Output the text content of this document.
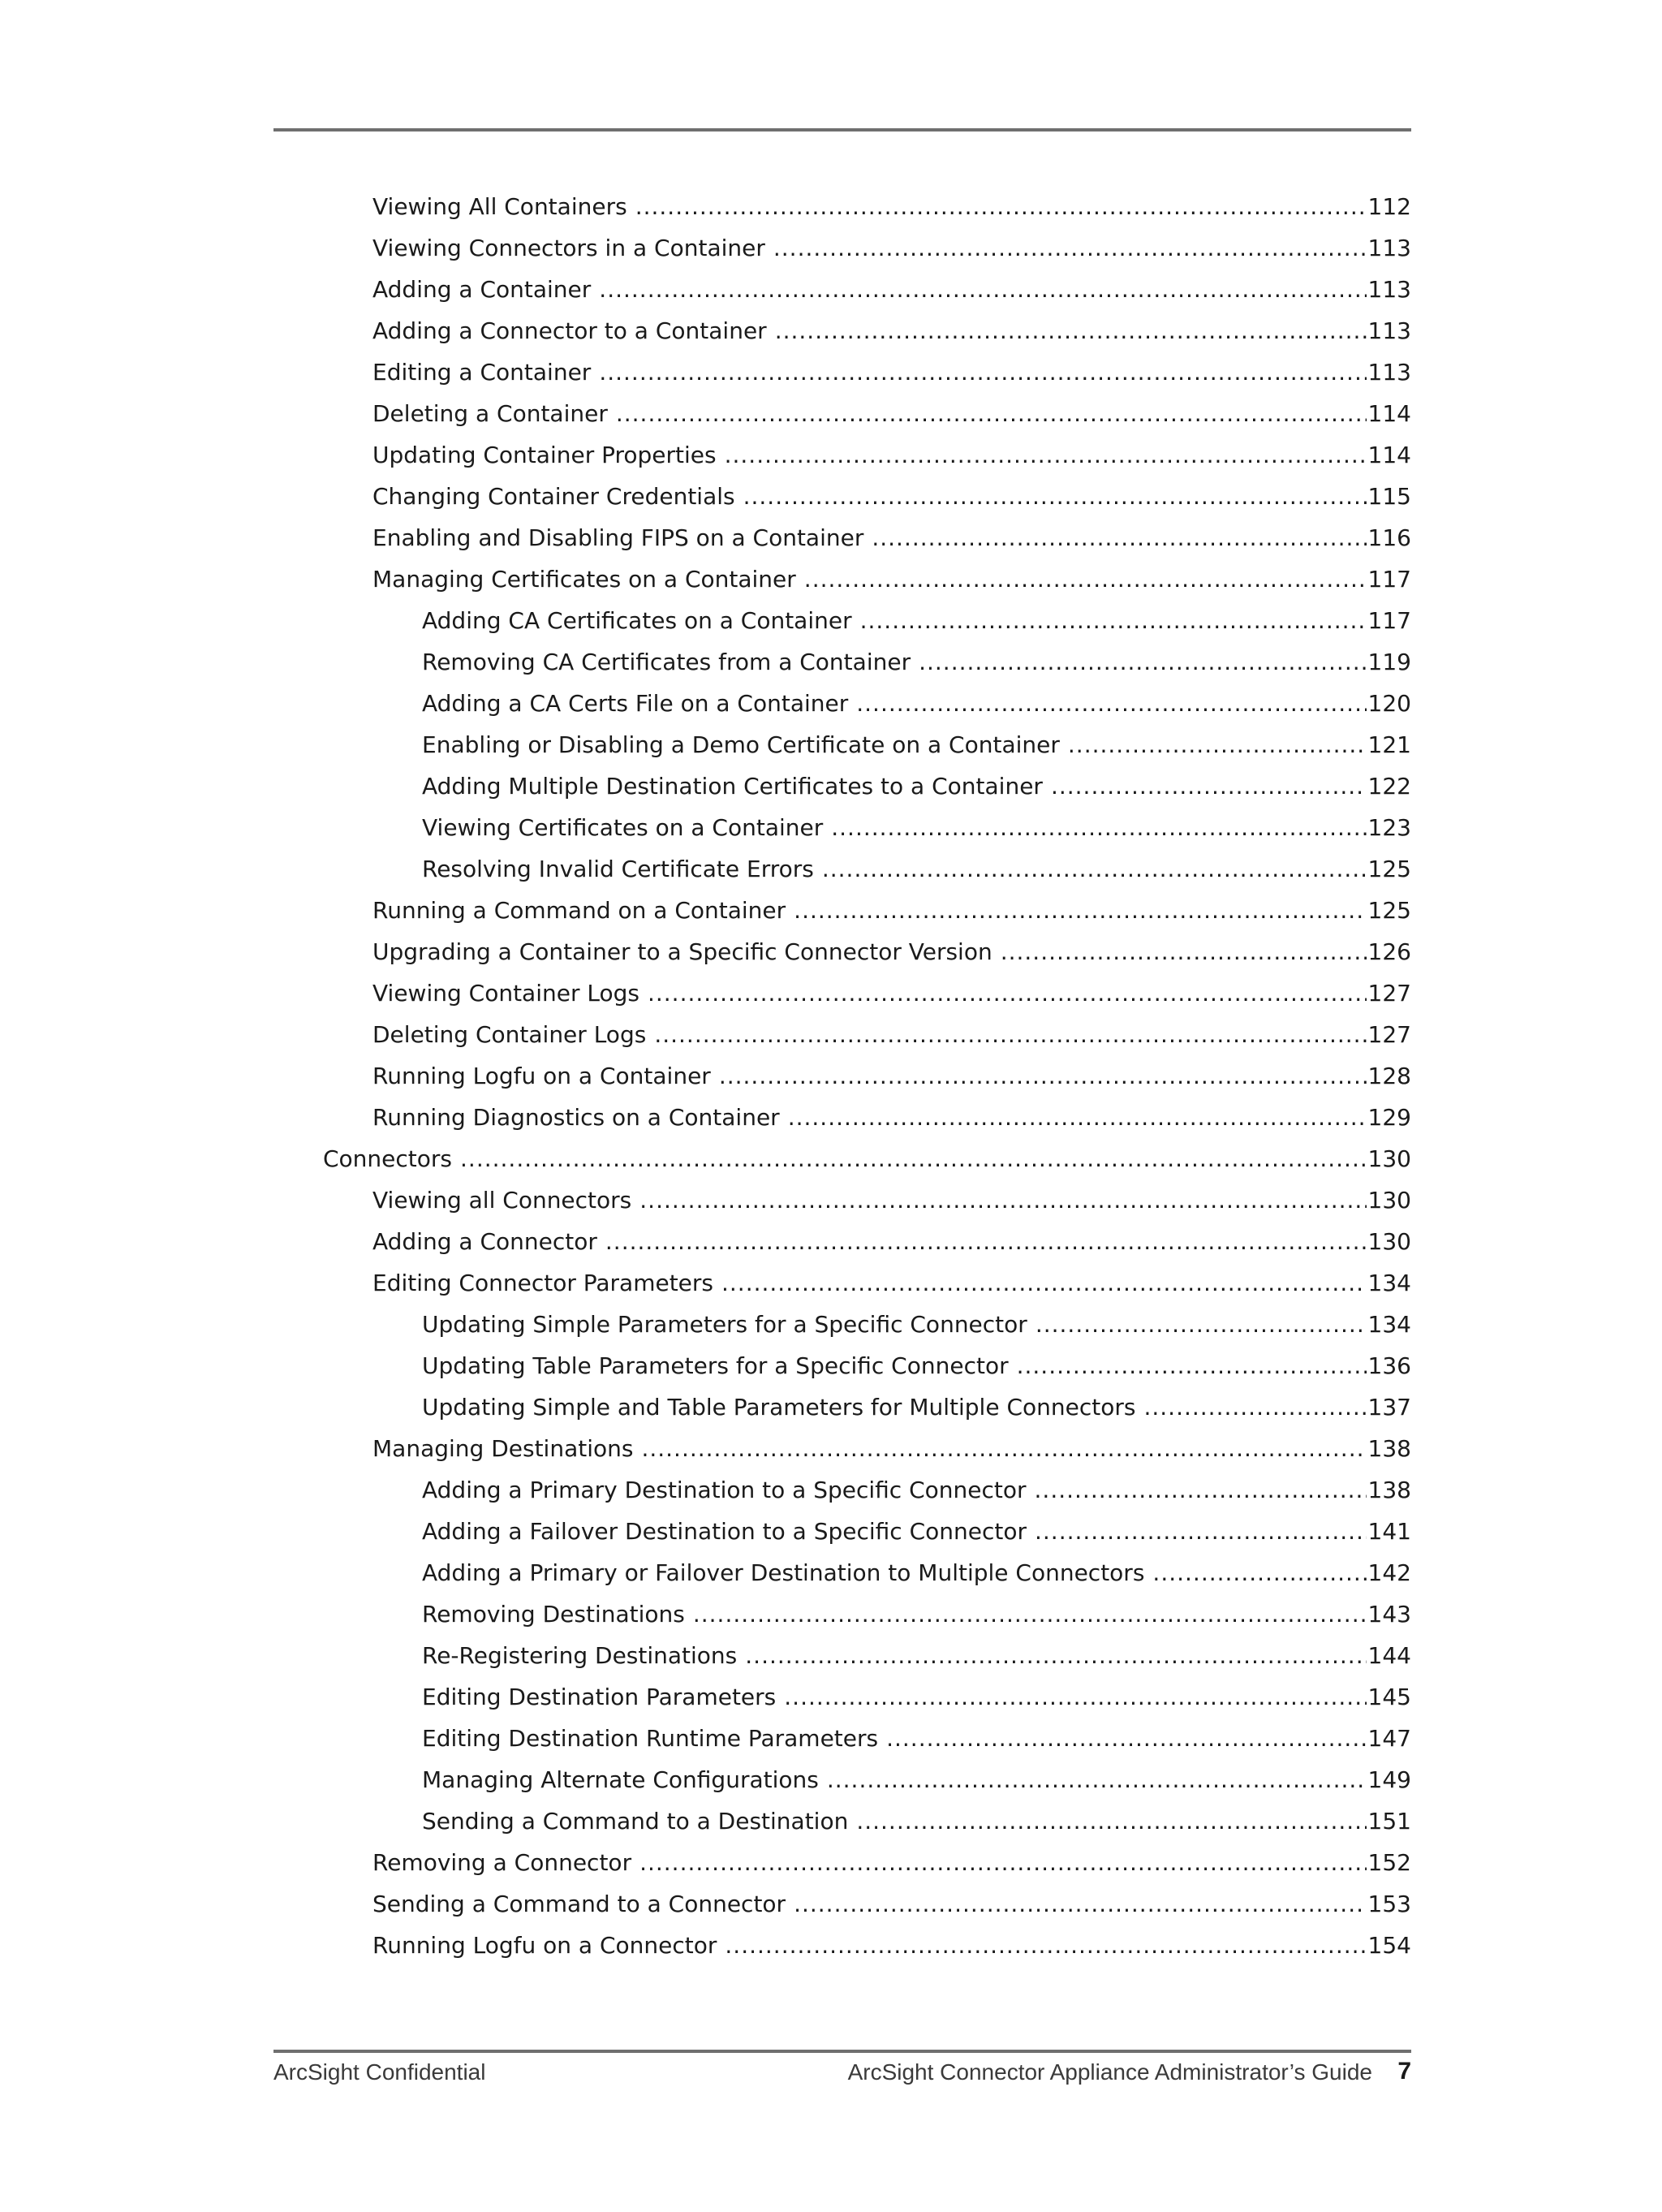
Viewing All Containers .....	112
Viewing Connectors in a Container .....	113
Adding a Container .....	113
Adding a Connector to a Container .....	113
Editing a Container .....	113
Deleting a Container .....	114
Updating Container Properties .....	114
Changing Container Credentials .....	115
Enabling and Disabling FIPS on a Container .....	116
Managing Certificates on a Container .....	117
Adding CA Certificates on a Container .....	117
Removing CA Certificates from a Container .....	119
Adding a CA Certs File on a Container .....	120
Enabling or Disabling a Demo Certificate on a Container .....	121
Adding Multiple Destination Certificates to a Container .....	122
Viewing Certificates on a Container .....	123
Resolving Invalid Certificate Errors .....	125
Running a Command on a Container .....	125
Upgrading a Container to a Specific Connector Version .....	126
Viewing Container Logs .....	127
Deleting Container Logs .....	127
Running Logfu on a Container .....	128
Running Diagnostics on a Container .....	129
Connectors .....	130
Viewing all Connectors .....	130
Adding a Connector .....	130
Editing Connector Parameters .....	134
Updating Simple Parameters for a Specific Connector .....	134
Updating Table Parameters for a Specific Connector .....	136
Updating Simple and Table Parameters for Multiple Connectors .....	137
Managing Destinations .....	138
Adding a Primary Destination to a Specific Connector .....	138
Adding a Failover Destination to a Specific Connector .....	141
Adding a Primary or Failover Destination to Multiple Connectors .....	142
Removing Destinations .....	143
Re-Registering Destinations .....	144
Editing Destination Parameters .....	145
Editing Destination Runtime Parameters .....	147
Managing Alternate Configurations .....	149
Sending a Command to a Destination .....	151
Removing a Connector .....	152
Sending a Command to a Connector .....	153
Running Logfu on a Connector .....	154
ArcSight Confidential	ArcSight Connector Appliance Administrator’s Guide 7
